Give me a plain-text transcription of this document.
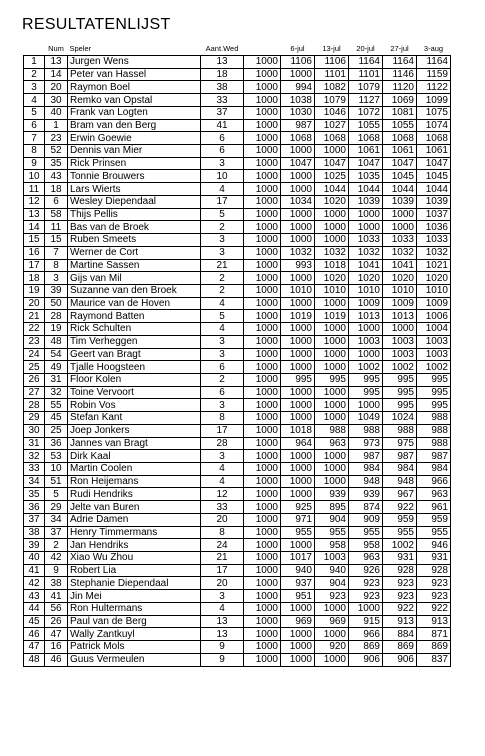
RESULTATENLIJST
	Num	Speler	Aant.Wed		6-jul	13-jul	20-jul	27-jul	3-aug
1	13	Jurgen Wens	13	1000	1106	1106	1164	1164	1164
2	14	Peter van Hassel	18	1000	1000	1101	1101	1146	1159
3	20	Raymon Boel	38	1000	994	1082	1079	1120	1122
4	30	Remko van Opstal	33	1000	1038	1079	1127	1069	1099
5	40	Frank van Logten	37	1000	1030	1046	1072	1081	1075
6	1	Bram van den Berg	41	1000	987	1027	1055	1055	1074
7	23	Erwin Goewie	6	1000	1068	1068	1068	1068	1068
8	52	Dennis van Mier	6	1000	1000	1000	1061	1061	1061
9	35	Rick Prinsen	3	1000	1047	1047	1047	1047	1047
10	43	Tonnie Brouwers	10	1000	1000	1025	1035	1045	1045
11	18	Lars Wierts	4	1000	1000	1044	1044	1044	1044
12	6	Wesley Diependaal	17	1000	1034	1020	1039	1039	1039
13	58	Thijs Pellis	5	1000	1000	1000	1000	1000	1037
14	11	Bas van de Broek	2	1000	1000	1000	1000	1000	1036
15	15	Ruben Smeets	3	1000	1000	1000	1033	1033	1033
16	7	Werner de Cort	3	1000	1032	1032	1032	1032	1032
17	8	Martine Sassen	21	1000	993	1018	1041	1041	1021
18	3	Gijs van Mil	2	1000	1000	1020	1020	1020	1020
19	39	Suzanne van den Broek	2	1000	1010	1010	1010	1010	1010
20	50	Maurice van de Hoven	4	1000	1000	1000	1009	1009	1009
21	28	Raymond Batten	5	1000	1019	1019	1013	1013	1006
22	19	Rick Schulten	4	1000	1000	1000	1000	1000	1004
23	48	Tim Verheggen	3	1000	1000	1000	1003	1003	1003
24	54	Geert van Bragt	3	1000	1000	1000	1000	1003	1003
25	49	Tjalle Hoogsteen	6	1000	1000	1000	1002	1002	1002
26	31	Floor Kolen	2	1000	995	995	995	995	995
27	32	Toine Vervoort	6	1000	1000	1000	995	995	995
28	55	Robin Vos	3	1000	1000	1000	1000	995	995
29	45	Stefan Kant	8	1000	1000	1000	1049	1024	988
30	25	Joep Jonkers	17	1000	1018	988	988	988	988
31	36	Jannes van Bragt	28	1000	964	963	973	975	988
32	53	Dirk Kaal	3	1000	1000	1000	987	987	987
33	10	Martin Coolen	4	1000	1000	1000	984	984	984
34	51	Ron Heijemans	4	1000	1000	1000	948	948	966
35	5	Rudi Hendriks	12	1000	1000	939	939	967	963
36	29	Jelte van Buren	33	1000	925	895	874	922	961
37	34	Adrie Damen	20	1000	971	904	909	959	959
38	37	Henry Timmermans	8	1000	955	955	955	955	955
39	2	Jan Hendriks	24	1000	1000	958	958	1002	946
40	42	Xiao Wu Zhou	21	1000	1017	1003	963	931	931
41	9	Robert Lia	17	1000	940	940	926	928	928
42	38	Stephanie Diependaal	20	1000	937	904	923	923	923
43	41	Jin Mei	3	1000	951	923	923	923	923
44	56	Ron Hultermans	4	1000	1000	1000	1000	922	922
45	26	Paul van de Berg	13	1000	969	969	915	913	913
46	47	Wally Zantkuyl	13	1000	1000	1000	966	884	871
47	16	Patrick Mols	9	1000	1000	920	869	869	869
48	46	Guus Vermeulen	9	1000	1000	1000	906	906	837
